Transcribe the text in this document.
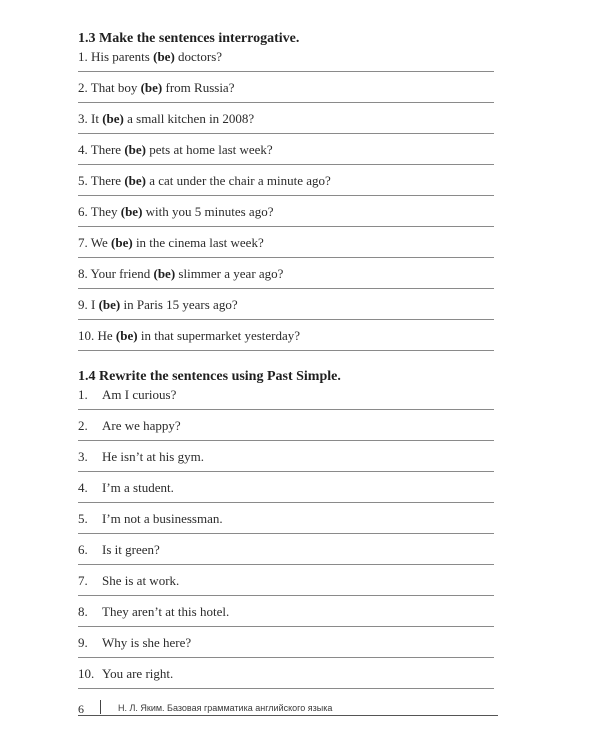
1.3 Make the sentences interrogative.
1. His parents (be) doctors?
2. That boy (be) from Russia?
3. It (be) a small kitchen in 2008?
4. There (be) pets at home last week?
5. There (be) a cat under the chair a minute ago?
6. They (be) with you 5 minutes ago?
7. We (be) in the cinema last week?
8. Your friend (be) slimmer a year ago?
9. I (be) in Paris 15 years ago?
10. He (be) in that supermarket yesterday?
1.4 Rewrite the sentences using Past Simple.
1. Am I curious?
2. Are we happy?
3. He isn’t at his gym.
4. I’m a student.
5. I’m not a businessman.
6. Is it green?
7. She is at work.
8. They aren’t at this hotel.
9. Why is she here?
10. You are right.
6	Н. Л. Яким. Базовая грамматика английского языка
